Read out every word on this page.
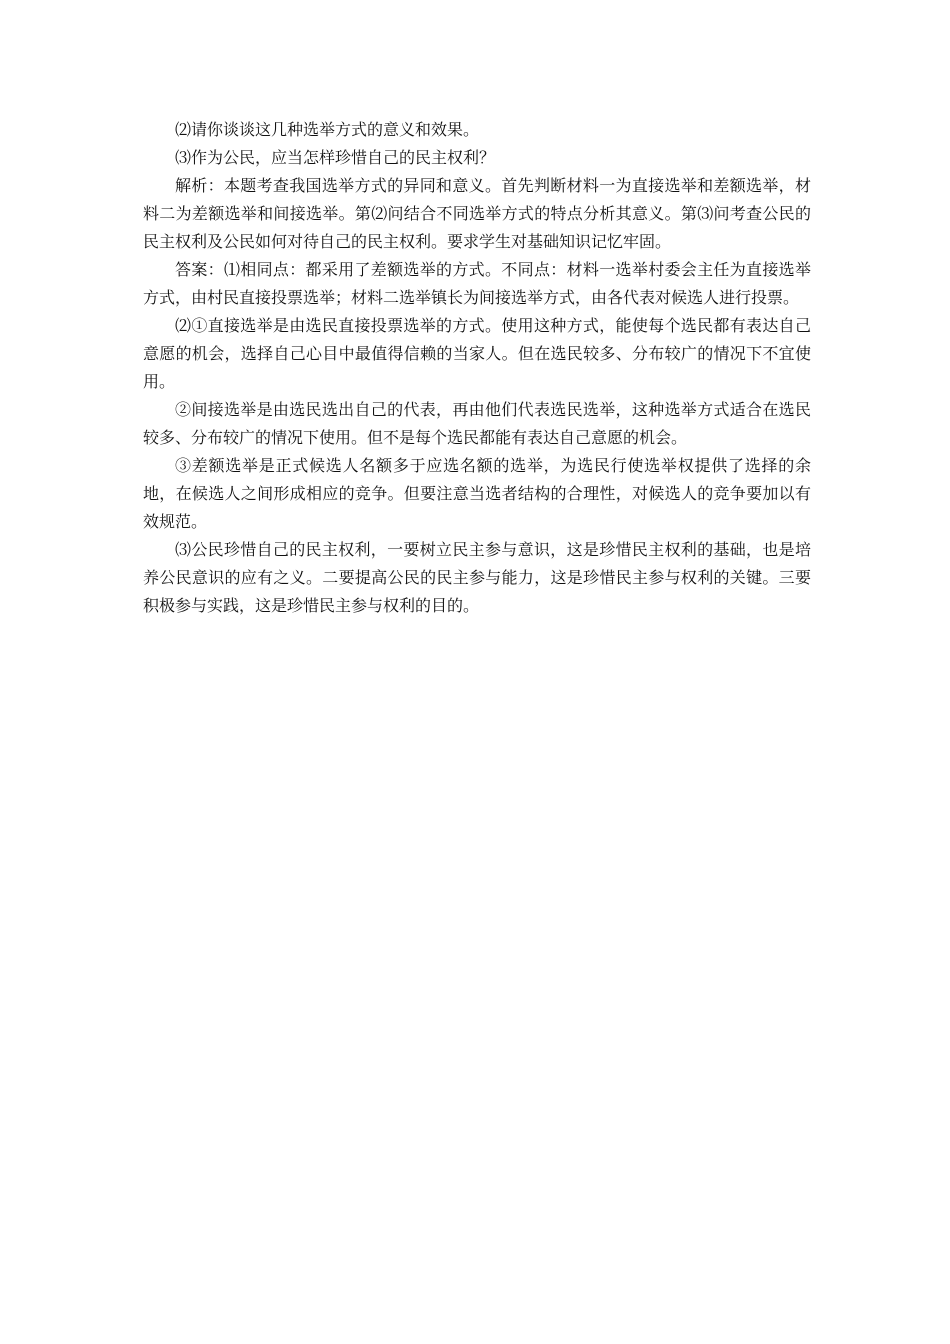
⑵请你谈谈这几种选举方式的意义和效果。

⑶作为公民，应当怎样珍惜自己的民主权利？

解析：本题考查我国选举方式的异同和意义。首先判断材料一为直接选举和差额选举，材料二为差额选举和间接选举。第⑵问结合不同选举方式的特点分析其意义。第⑶问考查公民的民主权利及公民如何对待自己的民主权利。要求学生对基础知识记忆牢固。

答案：⑴相同点：都采用了差额选举的方式。不同点：材料一选举村委会主任为直接选举方式，由村民直接投票选举；材料二选举镇长为间接选举方式，由各代表对候选人进行投票。

⑵①直接选举是由选民直接投票选举的方式。使用这种方式，能使每个选民都有表达自己意愿的机会，选择自己心目中最值得信赖的当家人。但在选民较多、分布较广的情况下不宜使用。

②间接选举是由选民选出自己的代表，再由他们代表选民选举，这种选举方式适合在选民较多、分布较广的情况下使用。但不是每个选民都能有表达自己意愿的机会。

③差额选举是正式候选人名额多于应选名额的选举，为选民行使选举权提供了选择的余地，在候选人之间形成相应的竞争。但要注意当选者结构的合理性，对候选人的竞争要加以有效规范。

⑶公民珍惜自己的民主权利，一要树立民主参与意识，这是珍惜民主权利的基础，也是培养公民意识的应有之义。二要提高公民的民主参与能力，这是珍惜民主参与权利的关键。三要积极参与实践，这是珍惜民主参与权利的目的。
